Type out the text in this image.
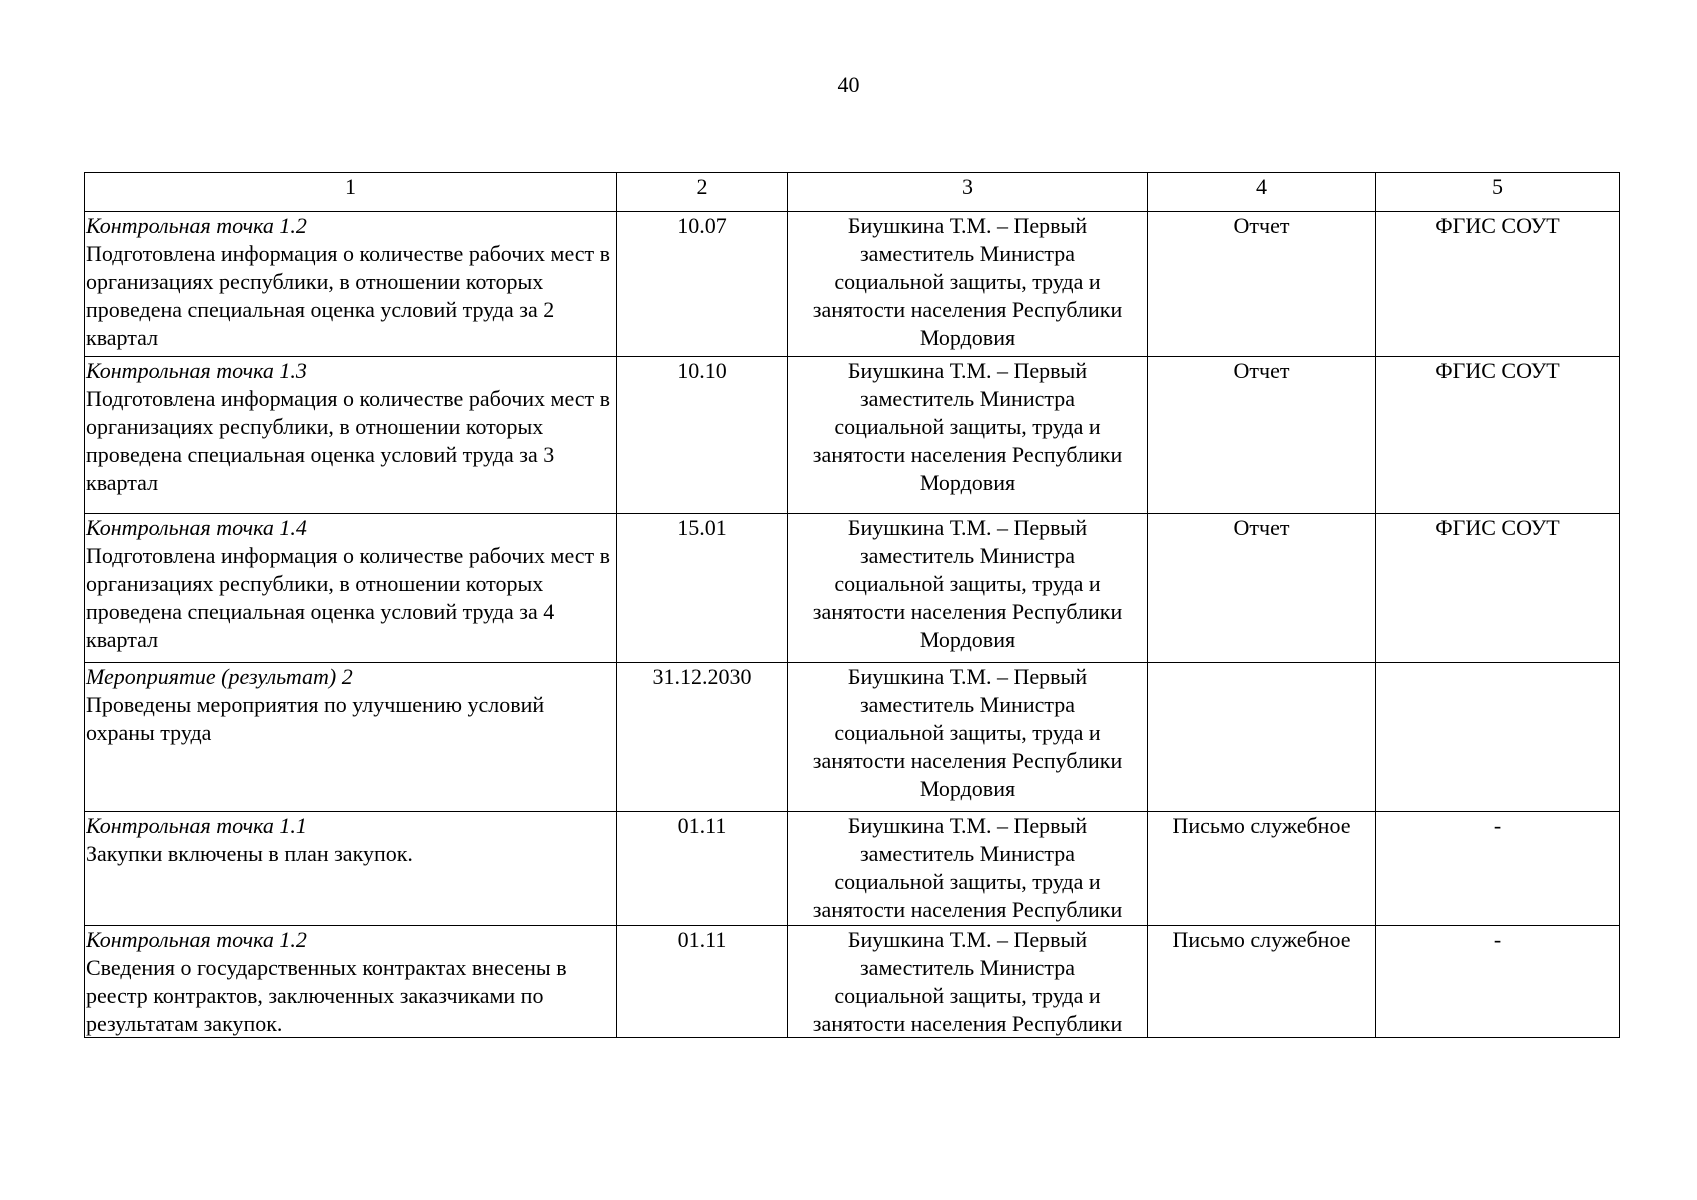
40
1	2	3	4	5

Контрольная точка 1.2
Подготовлена информация о количестве рабочих мест в организациях республики, в отношении которых проведена специальная оценка условий труда за 2 квартал	10.07	Биушкина Т.М. – Первый
заместитель Министра
социальной защиты, труда и
занятости населения Республики
Мордовия	Отчет	ФГИС СОУТ

Контрольная точка 1.3
Подготовлена информация о количестве рабочих мест в организациях республики, в отношении которых проведена специальная оценка условий труда за 3 квартал	10.10	Биушкина Т.М. – Первый
заместитель Министра
социальной защиты, труда и
занятости населения Республики
Мордовия	Отчет	ФГИС СОУТ

Контрольная точка 1.4
Подготовлена информация о количестве рабочих мест в организациях республики, в отношении которых проведена специальная оценка условий труда за 4 квартал	15.01	Биушкина Т.М. – Первый
заместитель Министра
социальной защиты, труда и
занятости населения Республики
Мордовия	Отчет	ФГИС СОУТ

Мероприятие (результат) 2
Проведены мероприятия по улучшению условий охраны труда	31.12.2030	Биушкина Т.М. – Первый
заместитель Министра
социальной защиты, труда и
занятости населения Республики
Мордовия		

Контрольная точка 1.1
Закупки включены в план закупок.	01.11	Биушкина Т.М. – Первый
заместитель Министра
социальной защиты, труда и
занятости населения Республики	Письмо служебное	-

Контрольная точка 1.2
Сведения о государственных контрактах внесены в реестр контрактов, заключенных заказчиками по результатам закупок.	01.11	Биушкина Т.М. – Первый
заместитель Министра
социальной защиты, труда и
занятости населения Республики	Письмо служебное	-
